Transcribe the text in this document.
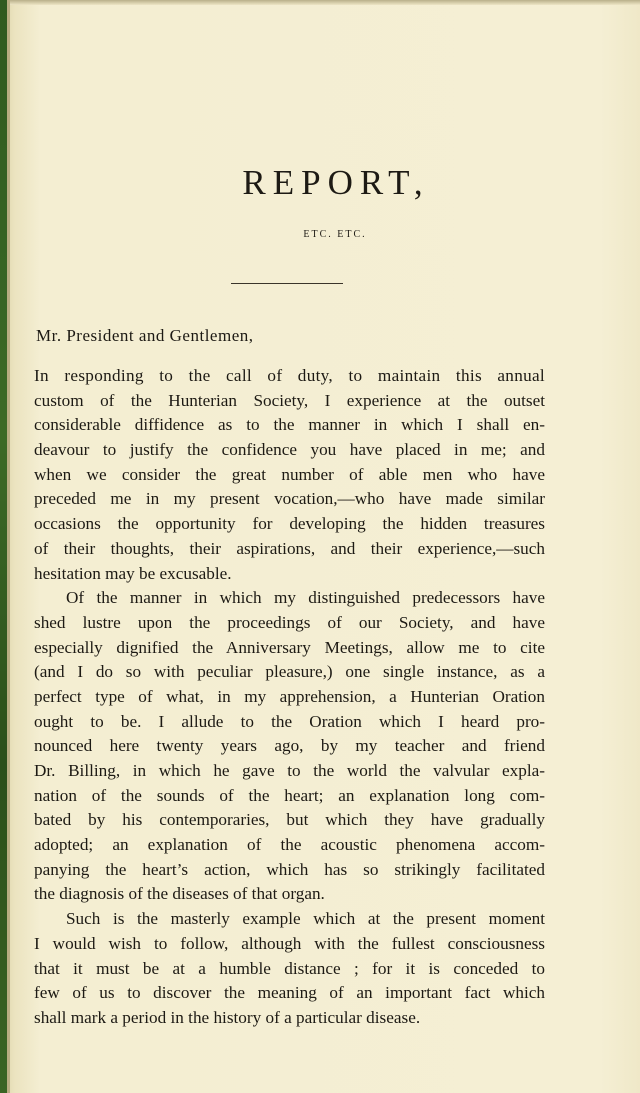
REPORT,
ETC. ETC.
Mr. President and Gentlemen,
In responding to the call of duty, to maintain this annual
custom of the Hunterian Society, I experience at the outset
considerable diffidence as to the manner in which I shall en-
deavour to justify the confidence you have placed in me; and
when we consider the great number of able men who have
preceded me in my present vocation,—who have made similar
occasions the opportunity for developing the hidden treasures
of their thoughts, their aspirations, and their experience,—such
hesitation may be excusable.
Of the manner in which my distinguished predecessors have
shed lustre upon the proceedings of our Society, and have
especially dignified the Anniversary Meetings, allow me to cite
(and I do so with peculiar pleasure,) one single instance, as a
perfect type of what, in my apprehension, a Hunterian Oration
ought to be. I allude to the Oration which I heard pro-
nounced here twenty years ago, by my teacher and friend
Dr. Billing, in which he gave to the world the valvular expla-
nation of the sounds of the heart; an explanation long com-
bated by his contemporaries, but which they have gradually
adopted; an explanation of the acoustic phenomena accom-
panying the heart’s action, which has so strikingly facilitated
the diagnosis of the diseases of that organ.
Such is the masterly example which at the present moment
I would wish to follow, although with the fullest consciousness
that it must be at a humble distance ; for it is conceded to
few of us to discover the meaning of an important fact which
shall mark a period in the history of a particular disease.
